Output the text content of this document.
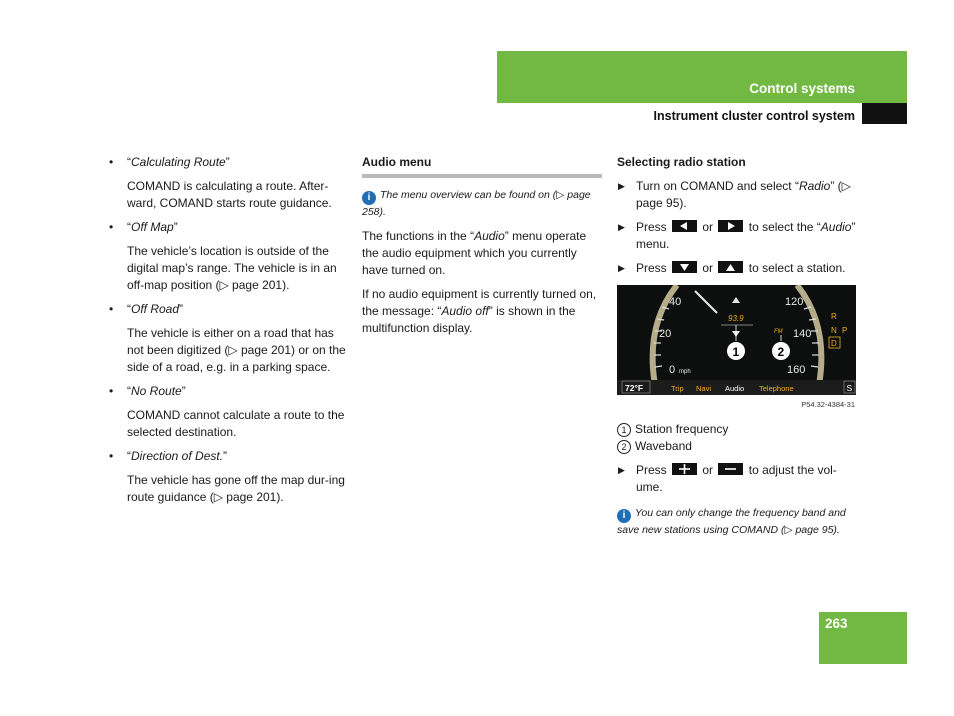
Control systems
Instrument cluster control system
• “Calculating Route”
COMAND is calculating a route. After-ward, COMAND starts route guidance.
• “Off Map”
The vehicle’s location is outside of the digital map’s range. The vehicle is in an off-map position (▷ page 201).
• “Off Road”
The vehicle is either on a road that has not been digitized (▷ page 201) or on the side of a road, e.g. in a parking space.
• “No Route”
COMAND cannot calculate a route to the selected destination.
• “Direction of Dest.”
The vehicle has gone off the map dur-ing route guidance (▷ page 201).
Audio menu
i The menu overview can be found on (▷ page 258).

The functions in the “Audio” menu operate the audio equipment which you currently have turned on.

If no audio equipment is currently turned on, the message: “Audio off” is shown in the multifunction display.

Selecting radio station
▶ Turn on COMAND and select “Radio” (▷ page 95).
▶ Press	or	to select the “Audio” menu.
▶ Press	or	to select a station.
40
20
0 mph
120
140
160
93.9
FM
1	2
R
N P
D
72°F	Trip Navi Audio Telephone	S
P54.32-4384-31
1 Station frequency
2 Waveband
▶ Press	or	to adjust the vol-ume.
i You can only change the frequency band and save new stations using COMAND (▷ page 95).
263
